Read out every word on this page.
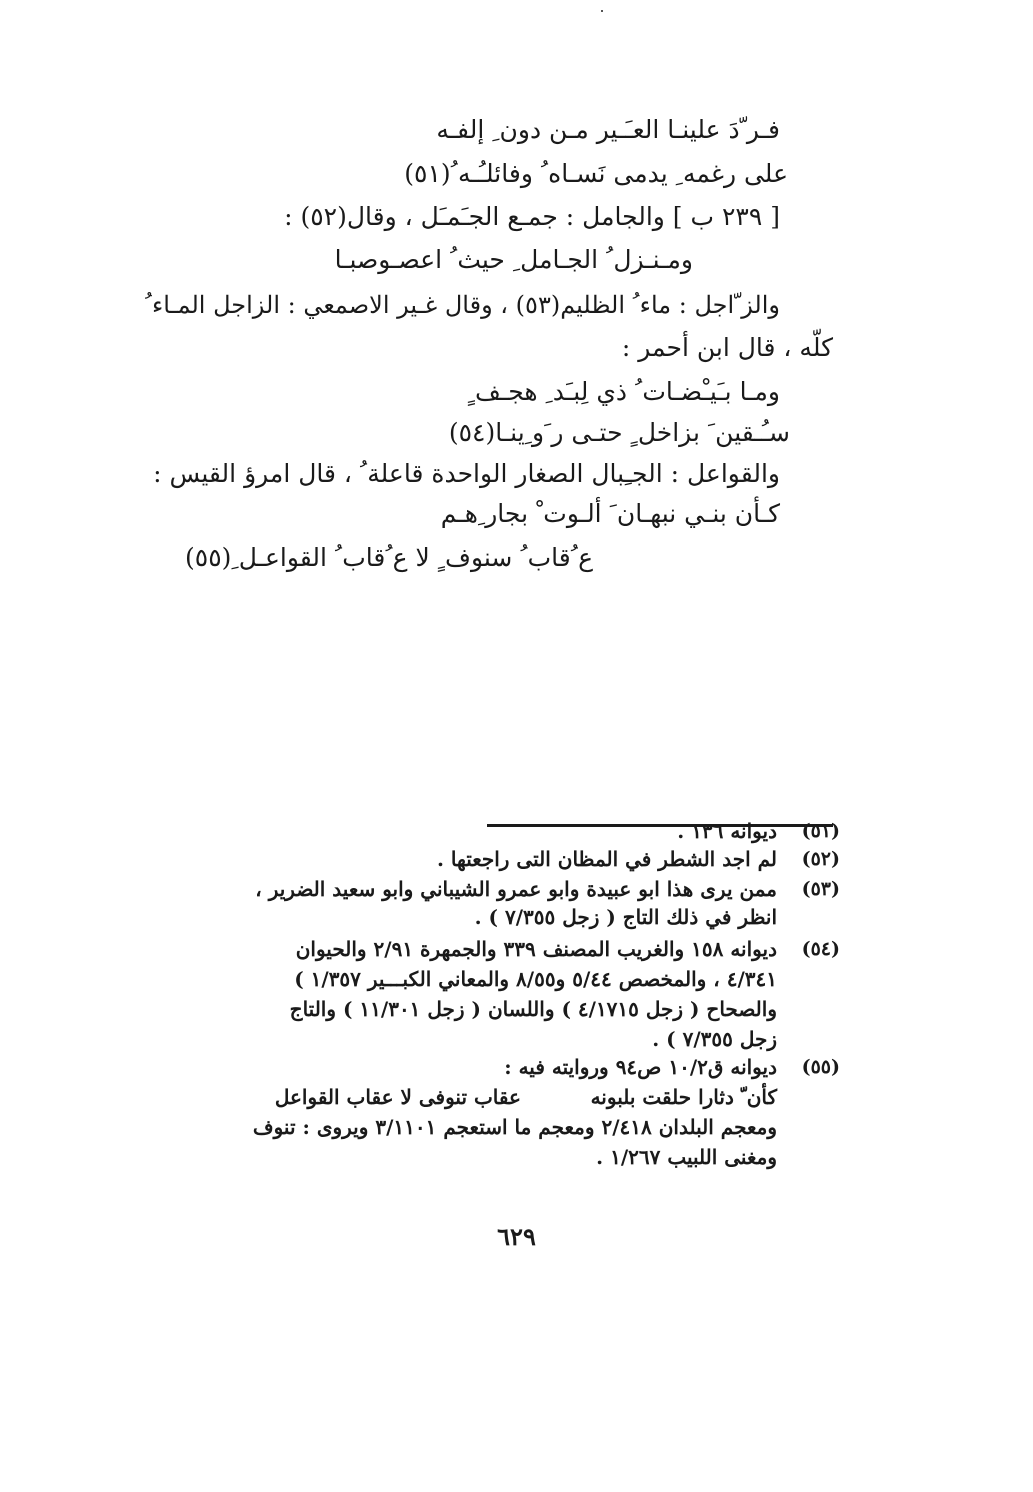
فـر ّدَ علينـا العـَـير مـن دون ِ إلفـه
على رغمه ِ يدمى نَسـاه ُ وفائلـُـه ُ(٥١)
[ ٢٣٩ ب ] والجامل : جمـع الجـَمـَل ، وقال(٥٢) :
ومـنـزل ُ الجـامل ِ حيث ُ اعصـوصبـا
والز ّاجل : ماء ُ الظليم(٥٣) ، وقال غـير الاصمعي : الزاجل المـاء ُ
كلّه ، قال ابن أحمر :
ومـا بـَيـْضـات ُ ذي لِبـَد ِ هجـف ٍ
سـُـقين َ بزاخل ٍ حتـى ر َو ِينـا(٥٤)
والقواعل : الجـِبال الصغار الواحدة قاعلة ُ ، قال امرؤ القيس :
كـأن بنـي نبهـان َ ألـوت ْ بجار ِهـم
ع ُقاب ُ سنوف ٍ لا ع ُقاب ُ القواعـل ِ(٥٥)
(٥١)
ديوانه ١٣٦ .
(٥٢)
لم اجد الشطر في المظان التى راجعتها .
(٥٣)
ممن يرى هذا ابو عبيدة وابو عمرو الشيباني وابو سعيد الضرير ،
انظر في ذلك التاج ( زجل ٧/٣٥٥ ) .
(٥٤)
ديوانه ١٥٨ والغريب المصنف ٣٣٩ والجمهرة ٢/٩١ والحيوان
٤/٣٤١ ، والمخصص ٥/٤٤ و٨/٥٥ والمعاني الكبـــير ١/٣٥٧ )
والصحاح ( زجل ٤/١٧١٥ ) واللسان ( زجل ١١/٣٠١ ) والتاج
زجل ٧/٣٥٥ ) .
(٥٥)
ديوانه ق١٠/٢ ص٩٤ وروايته فيه :
كأن ّ دثارا حلقت بلبونه          عقاب تنوفى لا عقاب القواعل
ومعجم البلدان ٢/٤١٨ ومعجم ما استعجم ٣/١١٠١ ويروى : تنوف
ومغنى اللبيب ١/٢٦٧ .
٦٢٩
